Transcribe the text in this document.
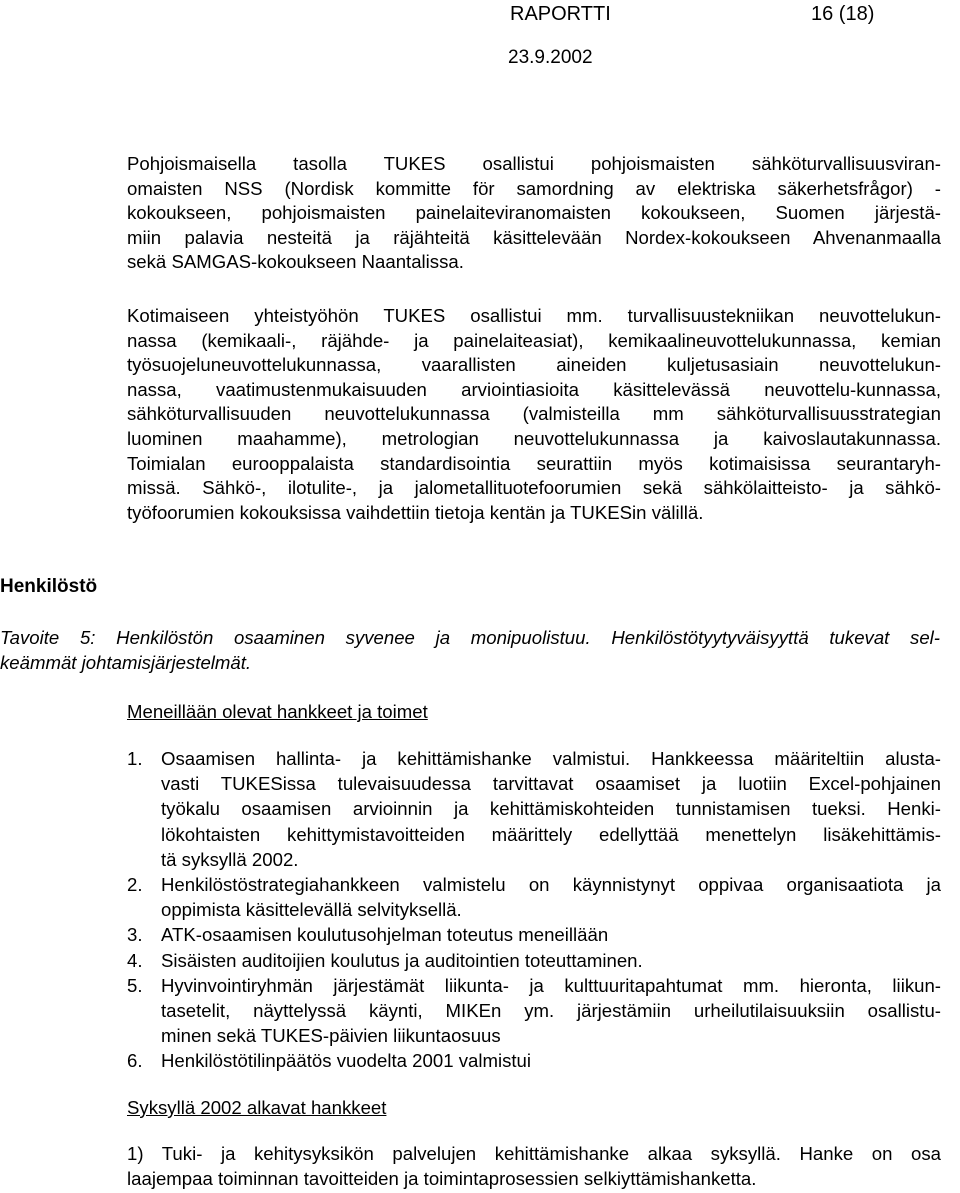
RAPORTTI	16 (18)
23.9.2002
Pohjoismaisella tasolla TUKES osallistui pohjoismaisten sähköturvallisuusviran-
omaisten NSS (Nordisk kommitte för samordning av elektriska säkerhetsfrågor) -
kokoukseen, pohjoismaisten painelaiteviranomaisten kokoukseen, Suomen järjestä-
miin palavia nesteitä ja räjähteitä käsittelevään Nordex-kokoukseen Ahvenanmaalla
sekä SAMGAS-kokoukseen Naantalissa.
Kotimaiseen yhteistyöhön TUKES osallistui mm. turvallisuustekniikan neuvottelukun-
nassa (kemikaali-, räjähde- ja painelaiteasiat), kemikaalineuvottelukunnassa, kemian
työsuojeluneuvottelukunnassa, vaarallisten aineiden kuljetusasiain neuvottelukun-
nassa, vaatimustenmukaisuuden arviointiasioita käsittelevässä neuvottelu-kunnassa,
sähköturvallisuuden neuvottelukunnassa (valmisteilla mm sähköturvallisuusstrategian
luominen maahamme), metrologian neuvottelukunnassa ja kaivoslautakunnassa.
Toimialan eurooppalaista standardisointia seurattiin myös kotimaisissa seurantaryh-
missä. Sähkö-, ilotulite-, ja jalometallituotefoorumien sekä sähkölaitteisto- ja sähkö-
työfoorumien kokouksissa vaihdettiin tietoja kentän ja TUKESin välillä.
Henkilöstö
Tavoite 5: Henkilöstön osaaminen syvenee ja monipuolistuu. Henkilöstötyytyväisyyttä tukevat sel-
keämmät johtamisjärjestelmät.
Meneillään olevat hankkeet ja toimet
1. Osaamisen hallinta- ja kehittämishanke valmistui. Hankkeessa määriteltiin alusta-
vasti TUKESissa tulevaisuudessa tarvittavat osaamiset ja luotiin Excel-pohjainen
työkalu osaamisen arvioinnin ja kehittämiskohteiden tunnistamisen tueksi. Henki-
lökohtaisten kehittymistavoitteiden määrittely edellyttää menettelyn lisäkehittämis-
tä syksyllä 2002.
2. Henkilöstöstrategiahankkeen valmistelu on käynnistynyt oppivaa organisaatiota ja
oppimista käsittelevällä selvityksellä.
3. ATK-osaamisen koulutusohjelman toteutus meneillään
4. Sisäisten auditoijien koulutus ja auditointien toteuttaminen.
5. Hyvinvointiryhmän järjestämät liikunta- ja kulttuuritapahtumat mm. hieronta, liikun-
tasetelit, näyttelyssä käynti, MIKEn ym. järjestämiin urheilutilaisuuksiin osallistu-
minen sekä TUKES-päivien liikuntaosuus
6. Henkilöstötilinpäätös vuodelta 2001 valmistui
Syksyllä 2002 alkavat hankkeet
1) Tuki- ja kehitysyksikön palvelujen kehittämishanke alkaa syksyllä. Hanke on osa
laajempaa toiminnan tavoitteiden ja toimintaprosessien selkiyttämishanketta.
